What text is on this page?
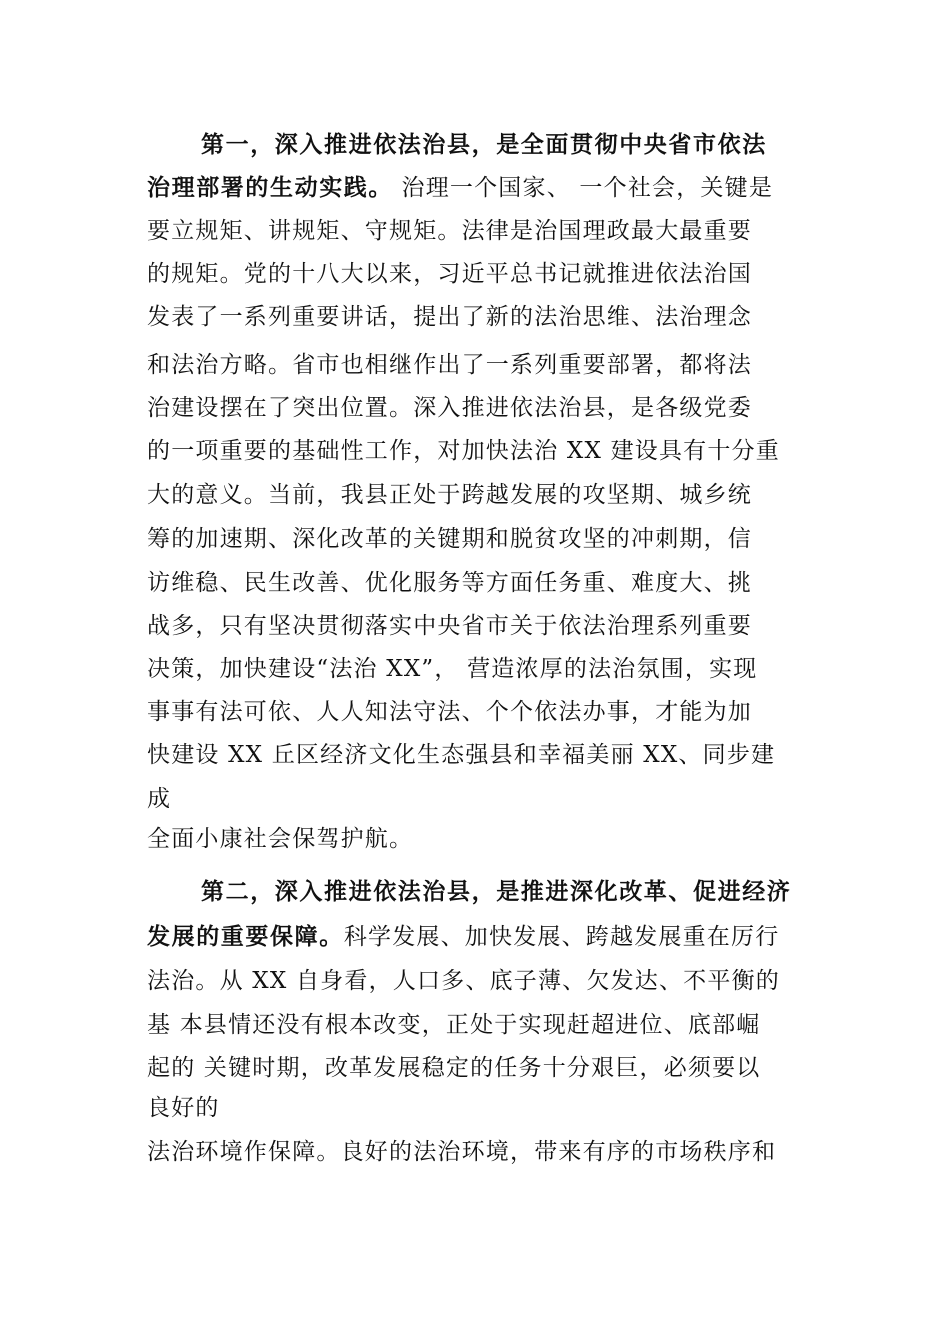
第一，深入推进依法治县，是全面贯彻中央省市依法
治理部署的生动实践。 治理一个国家、 一个社会，关键是
要立规矩、讲规矩、守规矩。法律是治国理政最大最重要
的规矩。党的十八大以来，习近平总书记就推进依法治国
发表了一系列重要讲话，提出了新的法治思维、法治理念
和法治方略。省市也相继作出了一系列重要部署，都将法
治建设摆在了突出位置。深入推进依法治县，是各级党委
的一项重要的基础性工作，对加快法治 XX 建设具有十分重
大的意义。当前，我县正处于跨越发展的攻坚期、城乡统
筹的加速期、深化改革的关键期和脱贫攻坚的冲刺期，信
访维稳、民生改善、优化服务等方面任务重、难度大、挑
战多，只有坚决贯彻落实中央省市关于依法治理系列重要
决策，加快建设“法治 XX”， 营造浓厚的法治氛围，实现
事事有法可依、人人知法守法、个个依法办事，才能为加
快建设 XX 丘区经济文化生态强县和幸福美丽 XX、同步建
成
全面小康社会保驾护航。
第二，深入推进依法治县，是推进深化改革、促进经济
发展的重要保障。科学发展、加快发展、跨越发展重在厉行
法治。从 XX 自身看，人口多、底子薄、欠发达、不平衡的
基 本县情还没有根本改变，正处于实现赶超进位、底部崛
起的 关键时期，改革发展稳定的任务十分艰巨，必须要以
良好的
法治环境作保障。良好的法治环境，带来有序的市场秩序和
